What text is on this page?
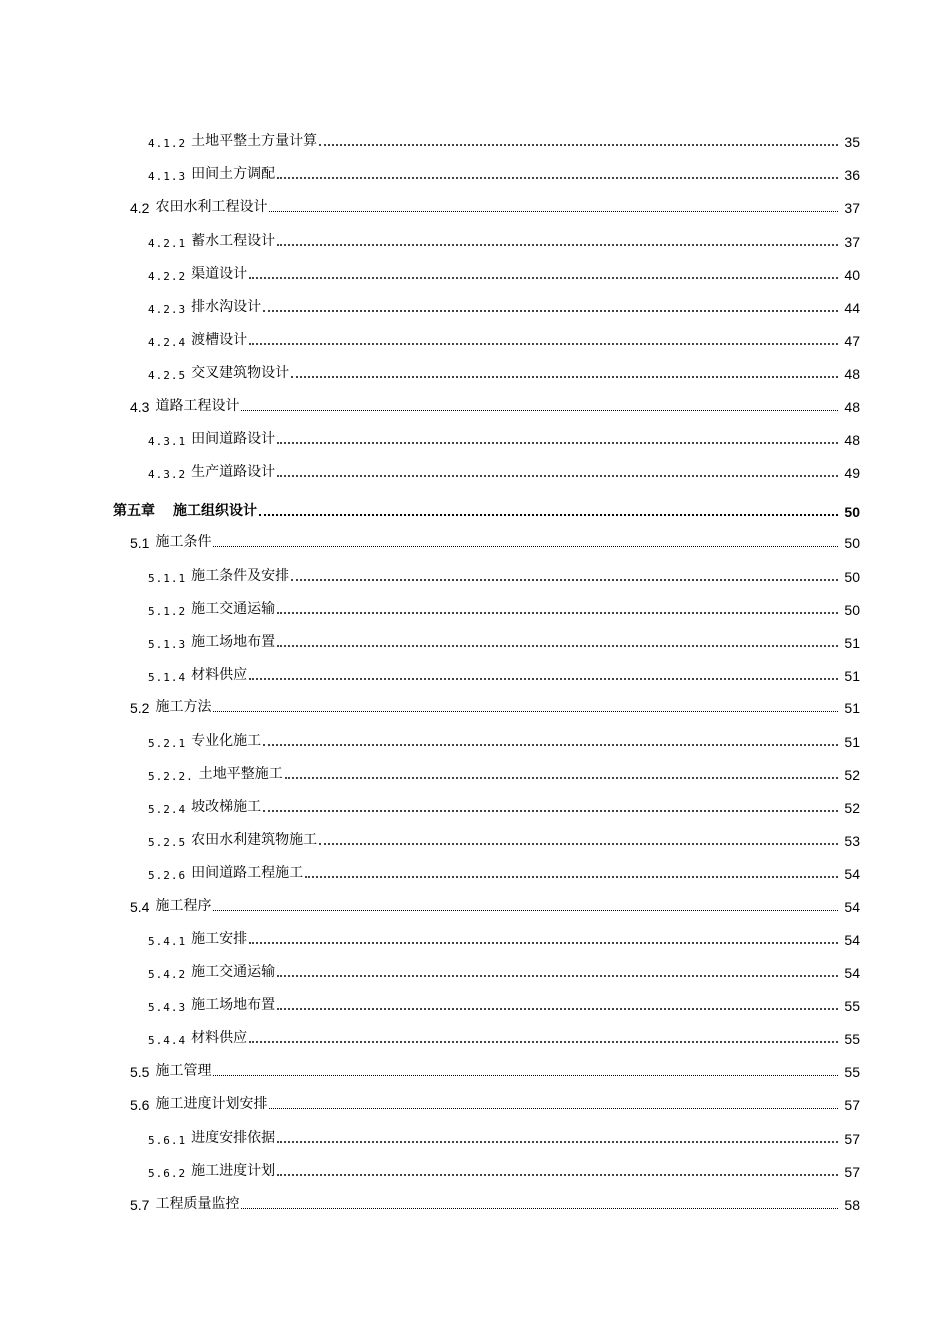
4.1.2 土地平整土方量计算	35
4.1.3 田间土方调配	36
4.2 农田水利工程设计	37
4.2.1 蓄水工程设计	37
4.2.2 渠道设计	40
4.2.3 排水沟设计	44
4.2.4 渡槽设计	47
4.2.5 交叉建筑物设计	48
4.3 道路工程设计	48
4.3.1 田间道路设计	48
4.3.2 生产道路设计	49
第五章 施工组织设计	50
5.1 施工条件	50
5.1.1 施工条件及安排	50
5.1.2 施工交通运输	50
5.1.3 施工场地布置	51
5.1.4 材料供应	51
5.2 施工方法	51
5.2.1 专业化施工	51
5.2.2. 土地平整施工	52
5.2.4 坡改梯施工	52
5.2.5 农田水利建筑物施工	53
5.2.6 田间道路工程施工	54
5.4 施工程序	54
5.4.1 施工安排	54
5.4.2 施工交通运输	54
5.4.3 施工场地布置	55
5.4.4 材料供应	55
5.5 施工管理	55
5.6 施工进度计划安排	57
5.6.1 进度安排依据	57
5.6.2 施工进度计划	57
5.7 工程质量监控	58
